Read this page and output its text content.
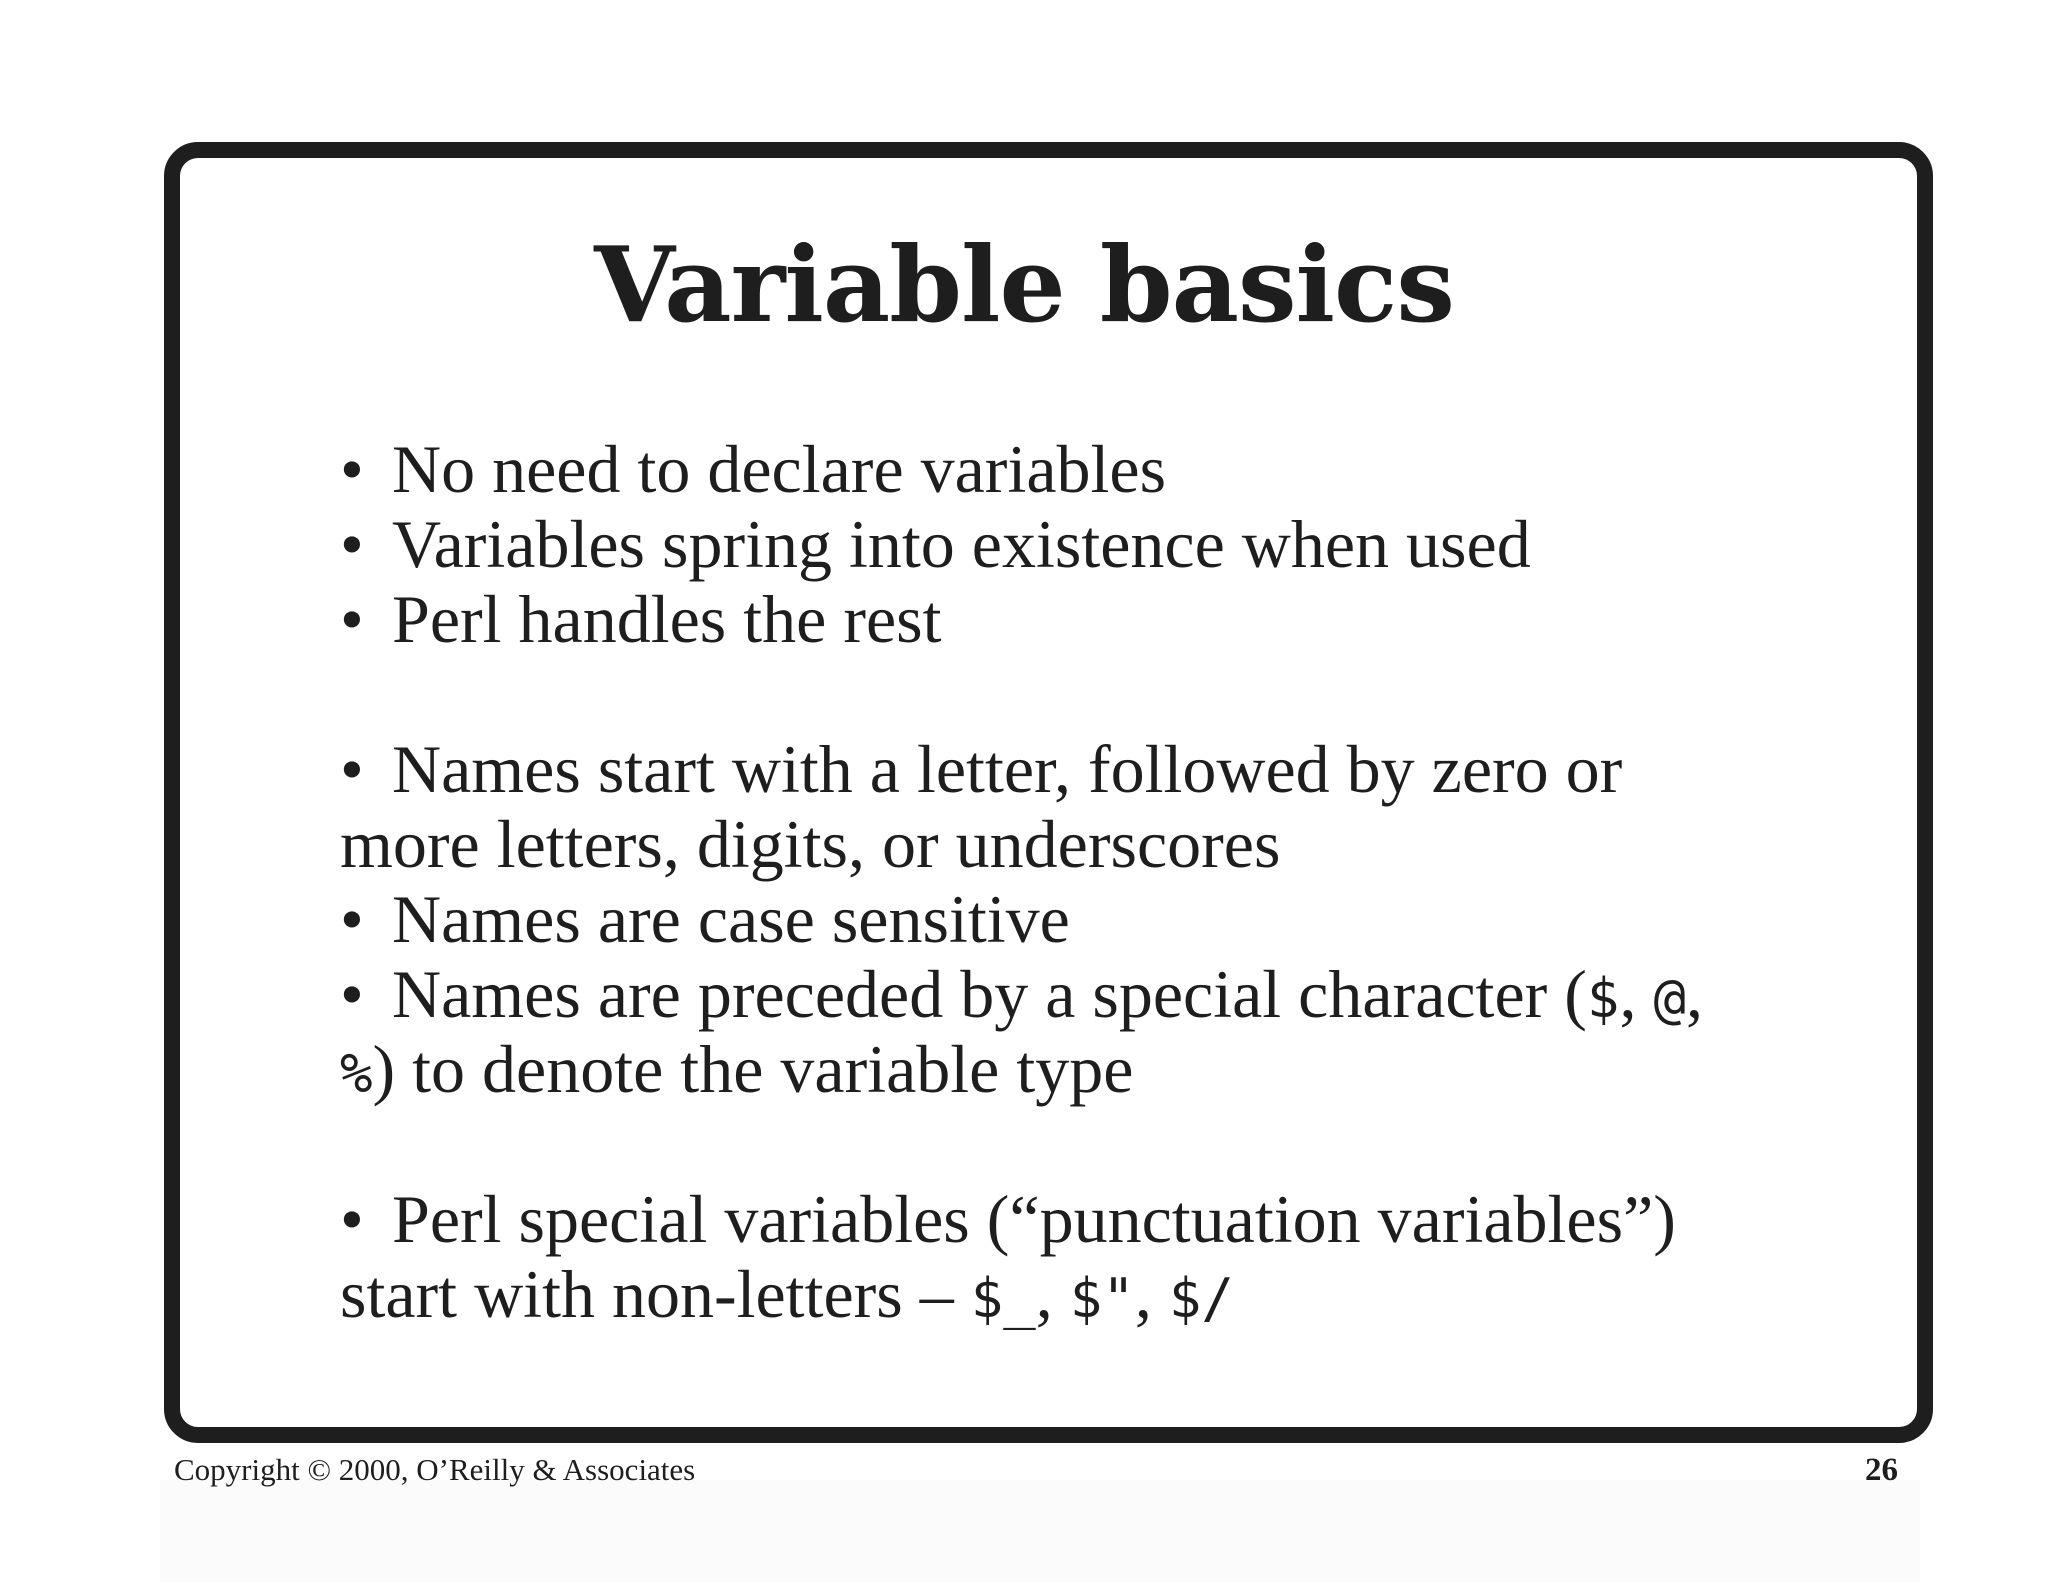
Variable basics
• No need to declare variables
• Variables spring into existence when used
• Perl handles the rest
• Names start with a letter, followed by zero or
more letters, digits, or underscores
• Names are case sensitive
• Names are preceded by a special character ($, @,
%) to denote the variable type
• Perl special variables (“punctuation variables”)
start with non-letters – $_, $", $/
Copyright © 2000, O’Reilly & Associates	26
